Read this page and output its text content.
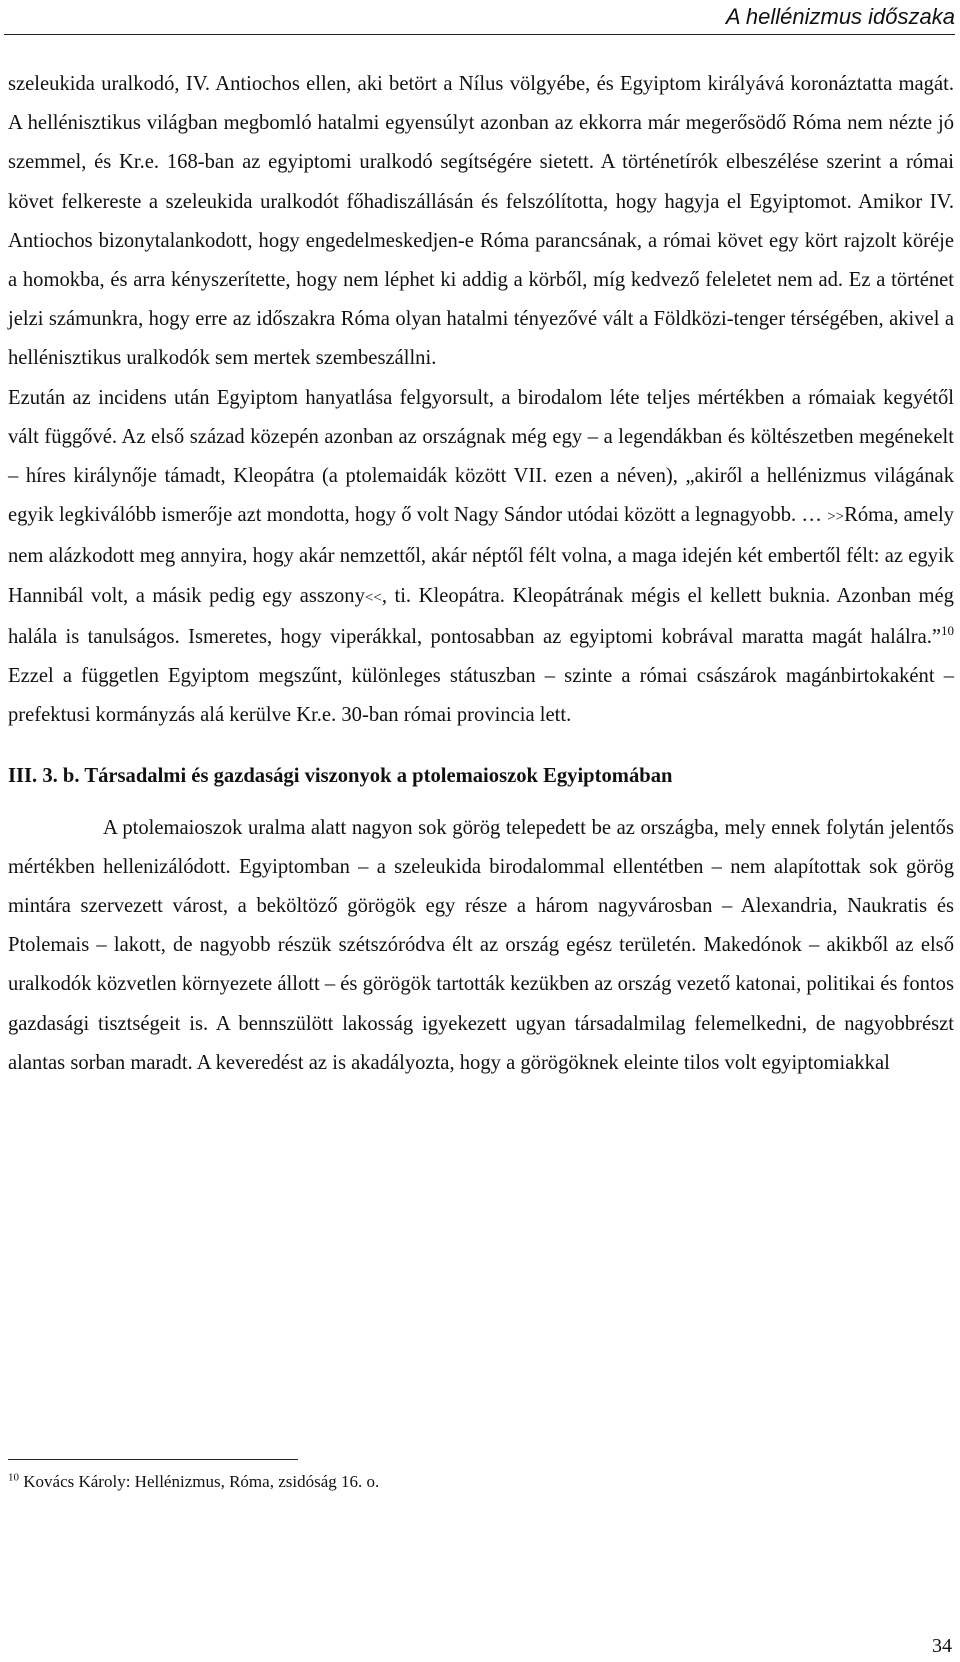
A hellénizmus időszaka

szeleukida uralkodó, IV. Antiochos ellen, aki betört a Nílus völgyébe, és Egyiptom királyává koronáztatta magát. A hellénisztikus világban megbomló hatalmi egyensúlyt azonban az ekkorra már megerősödő Róma nem nézte jó szemmel, és Kr.e. 168-ban az egyiptomi uralkodó segítségére sietett. A történetírók elbeszélése szerint a római követ felkereste a szeleukida uralkodót főhadiszállásán és felszólította, hogy hagyja el Egyiptomot. Amikor IV. Antiochos bizonytalankodott, hogy engedelmeskedjen-e Róma parancsának, a római követ egy kört rajzolt köréje a homokba, és arra kényszerítette, hogy nem léphet ki addig a körből, míg kedvező feleletet nem ad. Ez a történet jelzi számunkra, hogy erre az időszakra Róma olyan hatalmi tényezővé vált a Földközi-tenger térségében, akivel a hellénisztikus uralkodók sem mertek szembeszállni.

Ezután az incidens után Egyiptom hanyatlása felgyorsult, a birodalom léte teljes mértékben a rómaiak kegyétől vált függővé. Az első század közepén azonban az országnak még egy – a legendákban és költészetben megénekelt – híres királynője támadt, Kleopátra (a ptolemaidák között VII. ezen a néven), „akiről a hellénizmus világának egyik legkiválóbb ismerője azt mondotta, hogy ő volt Nagy Sándor utódai között a legnagyobb. … >>Róma, amely nem alázkodott meg annyira, hogy akár nemzettől, akár néptől félt volna, a maga idején két embertől félt: az egyik Hannibál volt, a másik pedig egy asszony<<, ti. Kleopátra. Kleopátrának mégis el kellett buknia. Azonban még halála is tanulságos. Ismeretes, hogy viperákkal, pontosabban az egyiptomi kobrával maratta magát halálra.”$^{10}$ Ezzel a független Egyiptom megszűnt, különleges státuszban – szinte a római császárok magánbirtokaként – prefektusi kormányzás alá kerülve Kr.e. 30-ban római provincia lett.

III. 3. b. Társadalmi és gazdasági viszonyok a ptolemaioszok Egyiptomában

A ptolemaioszok uralma alatt nagyon sok görög telepedett be az országba, mely ennek folytán jelentős mértékben hellenizálódott. Egyiptomban – a szeleukida birodalommal ellentétben – nem alapítottak sok görög mintára szervezett várost, a beköltöző görögök egy része a három nagyvárosban – Alexandria, Naukratis és Ptolemais – lakott, de nagyobb részük szétszóródva élt az ország egész területén. Makedónok – akikből az első uralkodók közvetlen környezete állott – és görögök tartották kezükben az ország vezető katonai, politikai és fontos gazdasági tisztségeit is. A bennszülött lakosság igyekezett ugyan társadalmilag felemelkedni, de nagyobbrészt alantas sorban maradt. A keveredést az is akadályozta, hogy a görögöknek eleinte tilos volt egyiptomiakkal

$^{10}$ Kovács Károly: Hellénizmus, Róma, zsidóság 16. o.
34
